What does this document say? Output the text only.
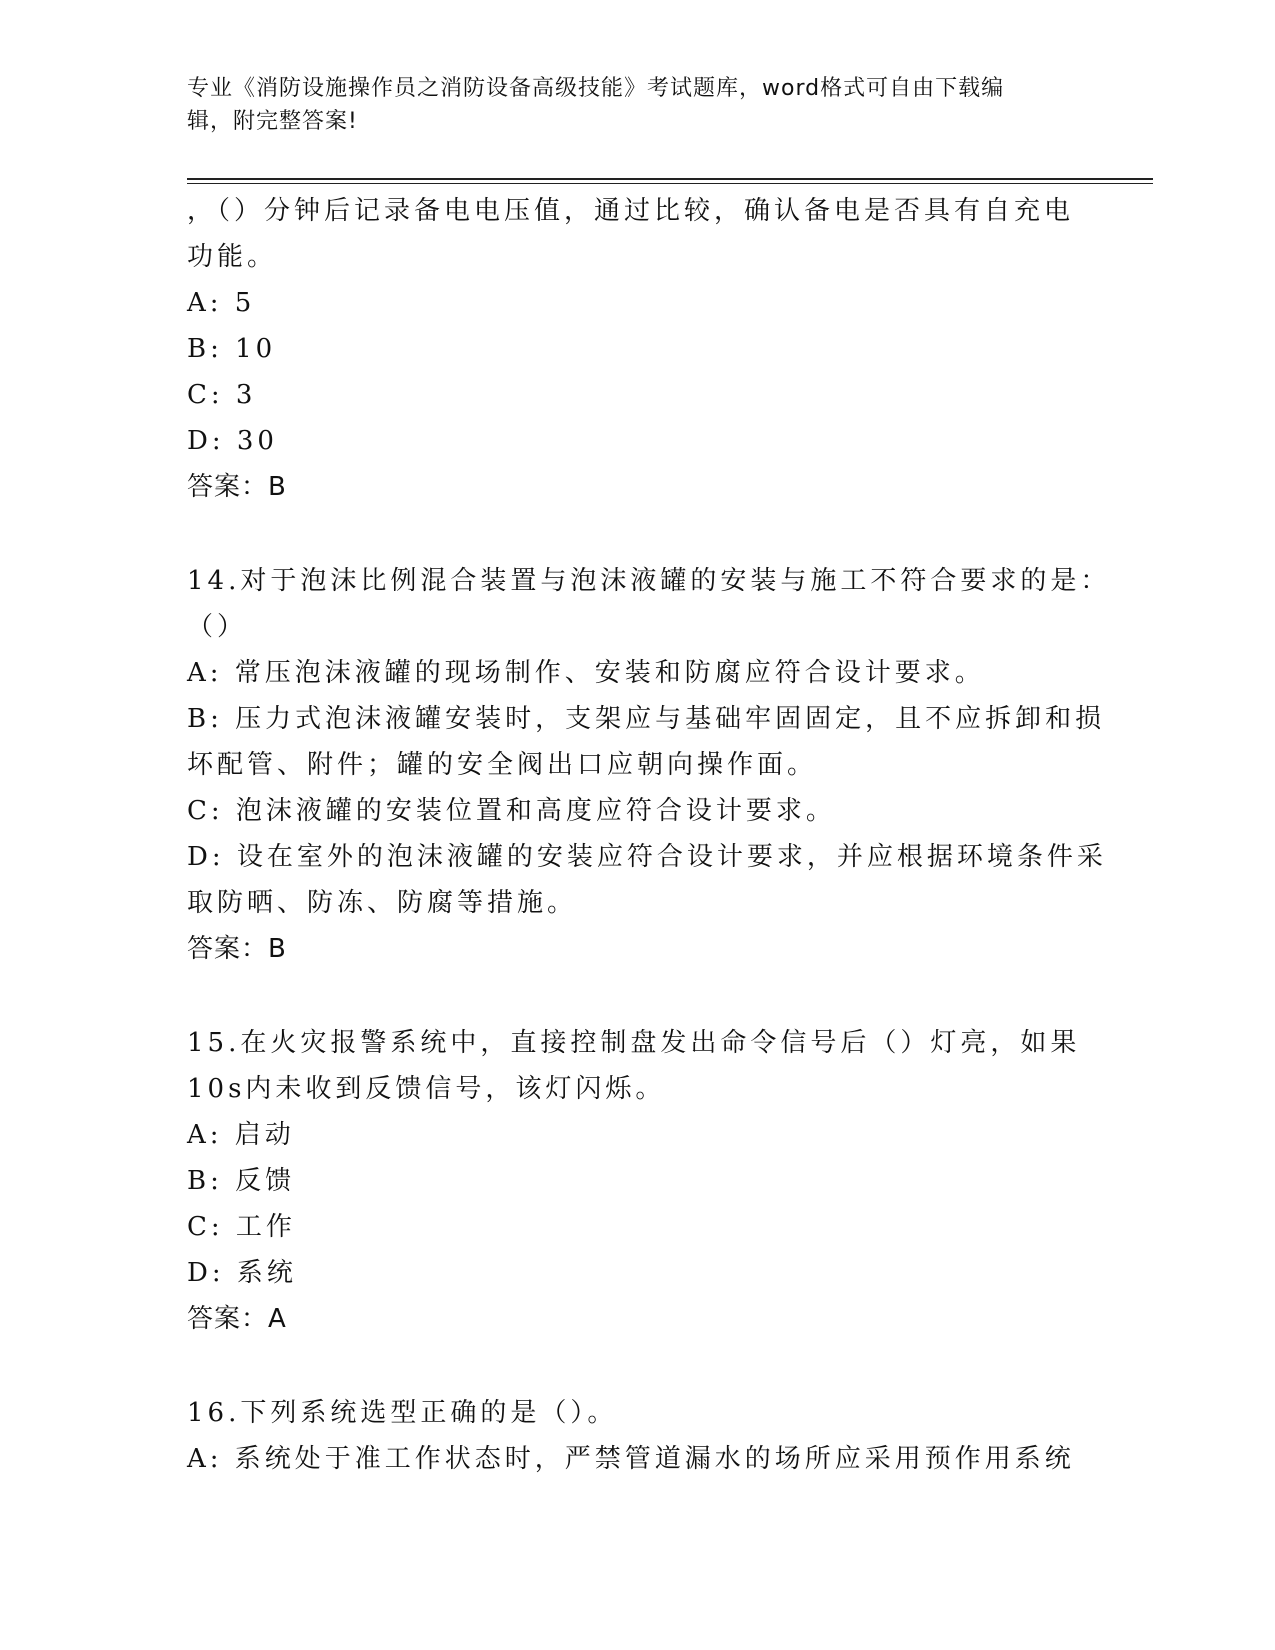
专业《消防设施操作员之消防设备高级技能》考试题库，word格式可自由下载编
辑，附完整答案!
，（）分钟后记录备电电压值，通过比较，确认备电是否具有自充电
功能。
A: 5
B: 10
C: 3
D: 30
答案：B
14.对于泡沫比例混合装置与泡沫液罐的安装与施工不符合要求的是：
（）
A: 常压泡沫液罐的现场制作、安装和防腐应符合设计要求。
B: 压力式泡沫液罐安装时，支架应与基础牢固固定，且不应拆卸和损
坏配管、附件；罐的安全阀出口应朝向操作面。
C: 泡沫液罐的安装位置和高度应符合设计要求。
D: 设在室外的泡沫液罐的安装应符合设计要求，并应根据环境条件采
取防晒、防冻、防腐等措施。
答案：B
15.在火灾报警系统中，直接控制盘发出命令信号后（）灯亮，如果
10s内未收到反馈信号，该灯闪烁。
A: 启动
B: 反馈
C: 工作
D: 系统
答案：A
16.下列系统选型正确的是（）。
A: 系统处于准工作状态时，严禁管道漏水的场所应采用预作用系统
